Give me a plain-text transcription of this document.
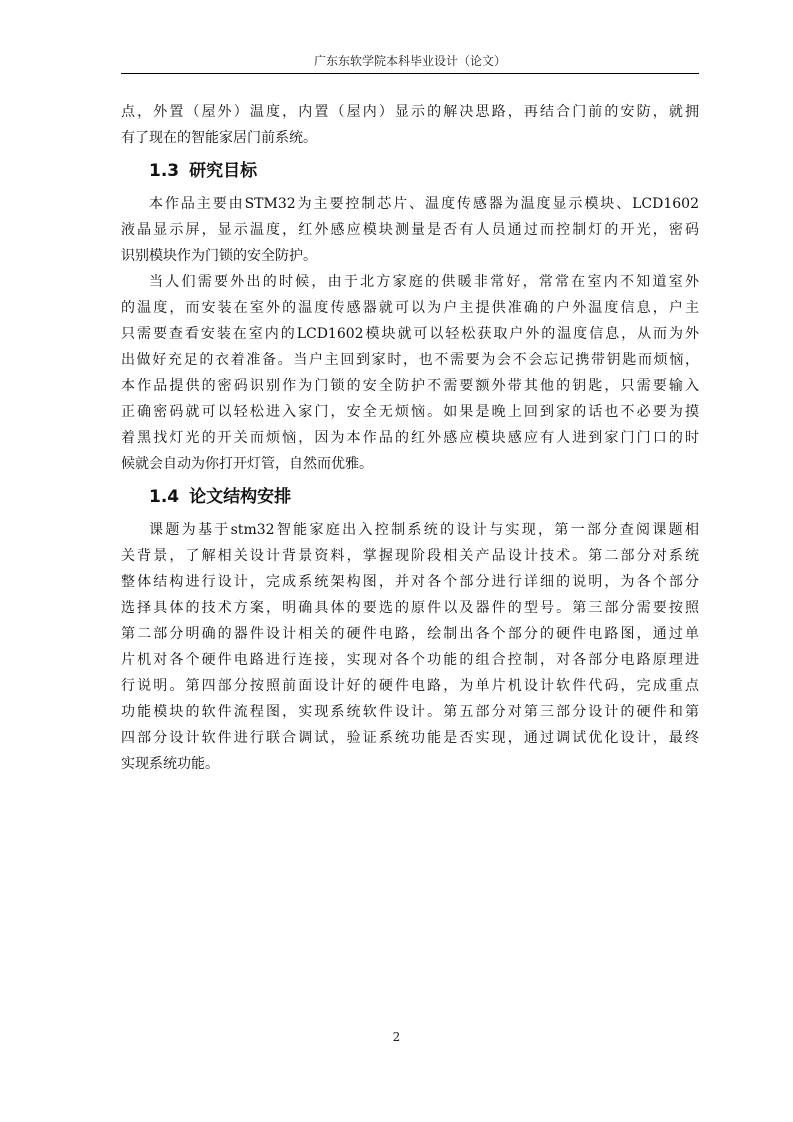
广东东软学院本科毕业设计（论文）
点，外置（屋外）温度，内置（屋内）显示的解决思路，再结合门前的安防，就拥
有了现在的智能家居门前系统。
1.3 研究目标
本作品主要由STM32为主要控制芯片、温度传感器为温度显示模块、LCD1602
液晶显示屏，显示温度，红外感应模块测量是否有人员通过而控制灯的开光，密码
识别模块作为门锁的安全防护。
当人们需要外出的时候，由于北方家庭的供暖非常好，常常在室内不知道室外
的温度，而安装在室外的温度传感器就可以为户主提供准确的户外温度信息，户主
只需要查看安装在室内的LCD1602模块就可以轻松获取户外的温度信息，从而为外
出做好充足的衣着准备。当户主回到家时，也不需要为会不会忘记携带钥匙而烦恼，
本作品提供的密码识别作为门锁的安全防护不需要额外带其他的钥匙，只需要输入
正确密码就可以轻松进入家门，安全无烦恼。如果是晚上回到家的话也不必要为摸
着黑找灯光的开关而烦恼，因为本作品的红外感应模块感应有人进到家门门口的时
候就会自动为你打开灯管，自然而优雅。
1.4 论文结构安排
课题为基于stm32智能家庭出入控制系统的设计与实现，第一部分查阅课题相
关背景，了解相关设计背景资料，掌握现阶段相关产品设计技术。第二部分对系统
整体结构进行设计，完成系统架构图，并对各个部分进行详细的说明，为各个部分
选择具体的技术方案，明确具体的要选的原件以及器件的型号。第三部分需要按照
第二部分明确的器件设计相关的硬件电路，绘制出各个部分的硬件电路图，通过单
片机对各个硬件电路进行连接，实现对各个功能的组合控制，对各部分电路原理进
行说明。第四部分按照前面设计好的硬件电路，为单片机设计软件代码，完成重点
功能模块的软件流程图，实现系统软件设计。第五部分对第三部分设计的硬件和第
四部分设计软件进行联合调试，验证系统功能是否实现，通过调试优化设计，最终
实现系统功能。
2
